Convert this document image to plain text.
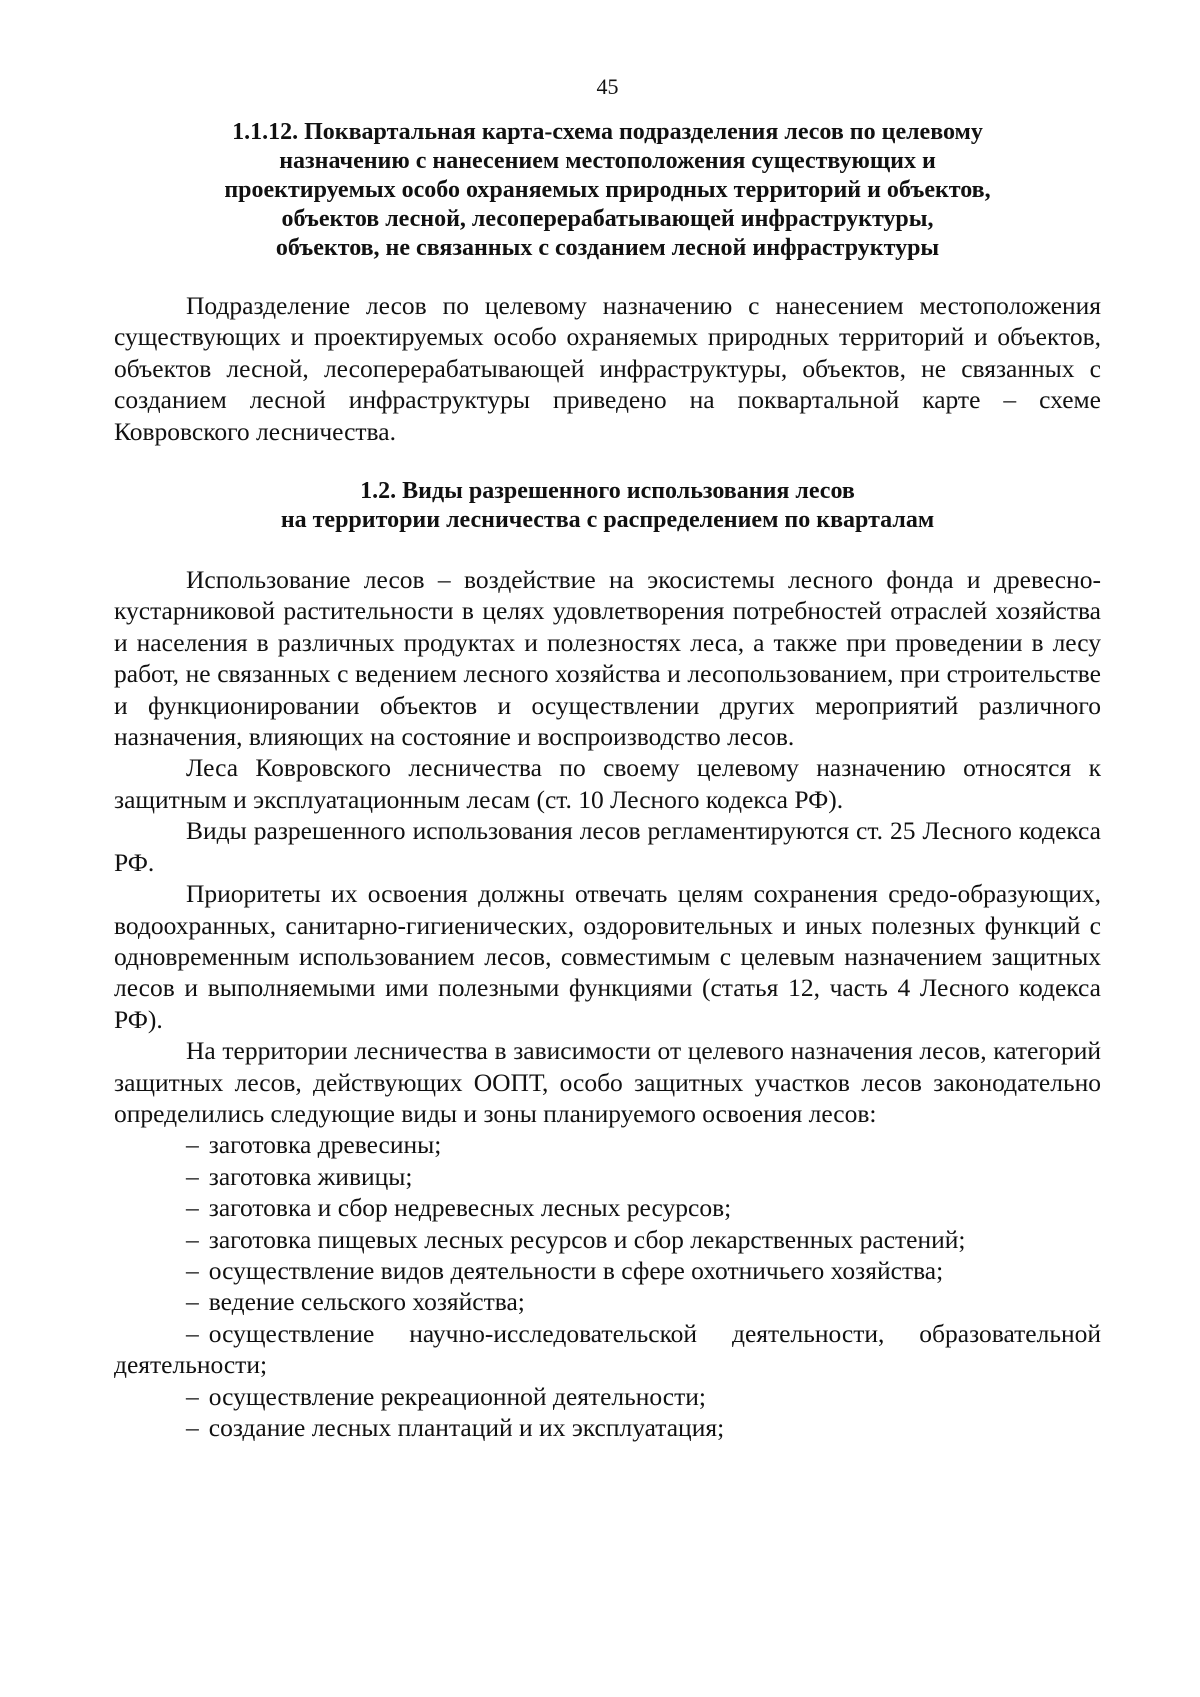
45
1.1.12. Поквартальная карта-схема подразделения лесов по целевому
назначению с нанесением местоположения существующих и
проектируемых особо охраняемых природных территорий и объектов,
объектов лесной, лесоперерабатывающей инфраструктуры,
объектов, не связанных с созданием лесной инфраструктуры

Подразделение лесов по целевому назначению с нанесением местоположения существующих и проектируемых особо охраняемых природных территорий и объектов, объектов лесной, лесоперерабатывающей инфраструктуры, объектов, не связанных с созданием лесной инфраструктуры приведено на поквартальной карте – схеме Ковровского лесничества.

1.2. Виды разрешенного использования лесов
на территории лесничества с распределением по кварталам

Использование лесов – воздействие на экосистемы лесного фонда и древесно-кустарниковой растительности в целях удовлетворения потребностей отраслей хозяйства и населения в различных продуктах и полезностях леса, а также при проведении в лесу работ, не связанных с ведением лесного хозяйства и лесопользованием, при строительстве и функционировании объектов и осуществлении других мероприятий различного назначения, влияющих на состояние и воспроизводство лесов.

Леса Ковровского лесничества по своему целевому назначению относятся к защитным и эксплуатационным лесам (ст. 10 Лесного кодекса РФ).

Виды разрешенного использования лесов регламентируются ст. 25 Лесного кодекса РФ.

Приоритеты их освоения должны отвечать целям сохранения средо-образующих, водоохранных, санитарно-гигиенических, оздоровительных и иных полезных функций с одновременным использованием лесов, совместимым с целевым назначением защитных лесов и выполняемыми ими полезными функциями (статья 12, часть 4 Лесного кодекса РФ).

На территории лесничества в зависимости от целевого назначения лесов, категорий защитных лесов, действующих ООПТ, особо защитных участков лесов законодательно определились следующие виды и зоны планируемого освоения лесов:

– заготовка древесины;
– заготовка живицы;
– заготовка и сбор недревесных лесных ресурсов;
– заготовка пищевых лесных ресурсов и сбор лекарственных растений;
– осуществление видов деятельности в сфере охотничьего хозяйства;
– ведение сельского хозяйства;
– осуществление научно-исследовательской деятельности, образовательной деятельности;
– осуществление рекреационной деятельности;
– создание лесных плантаций и их эксплуатация;
